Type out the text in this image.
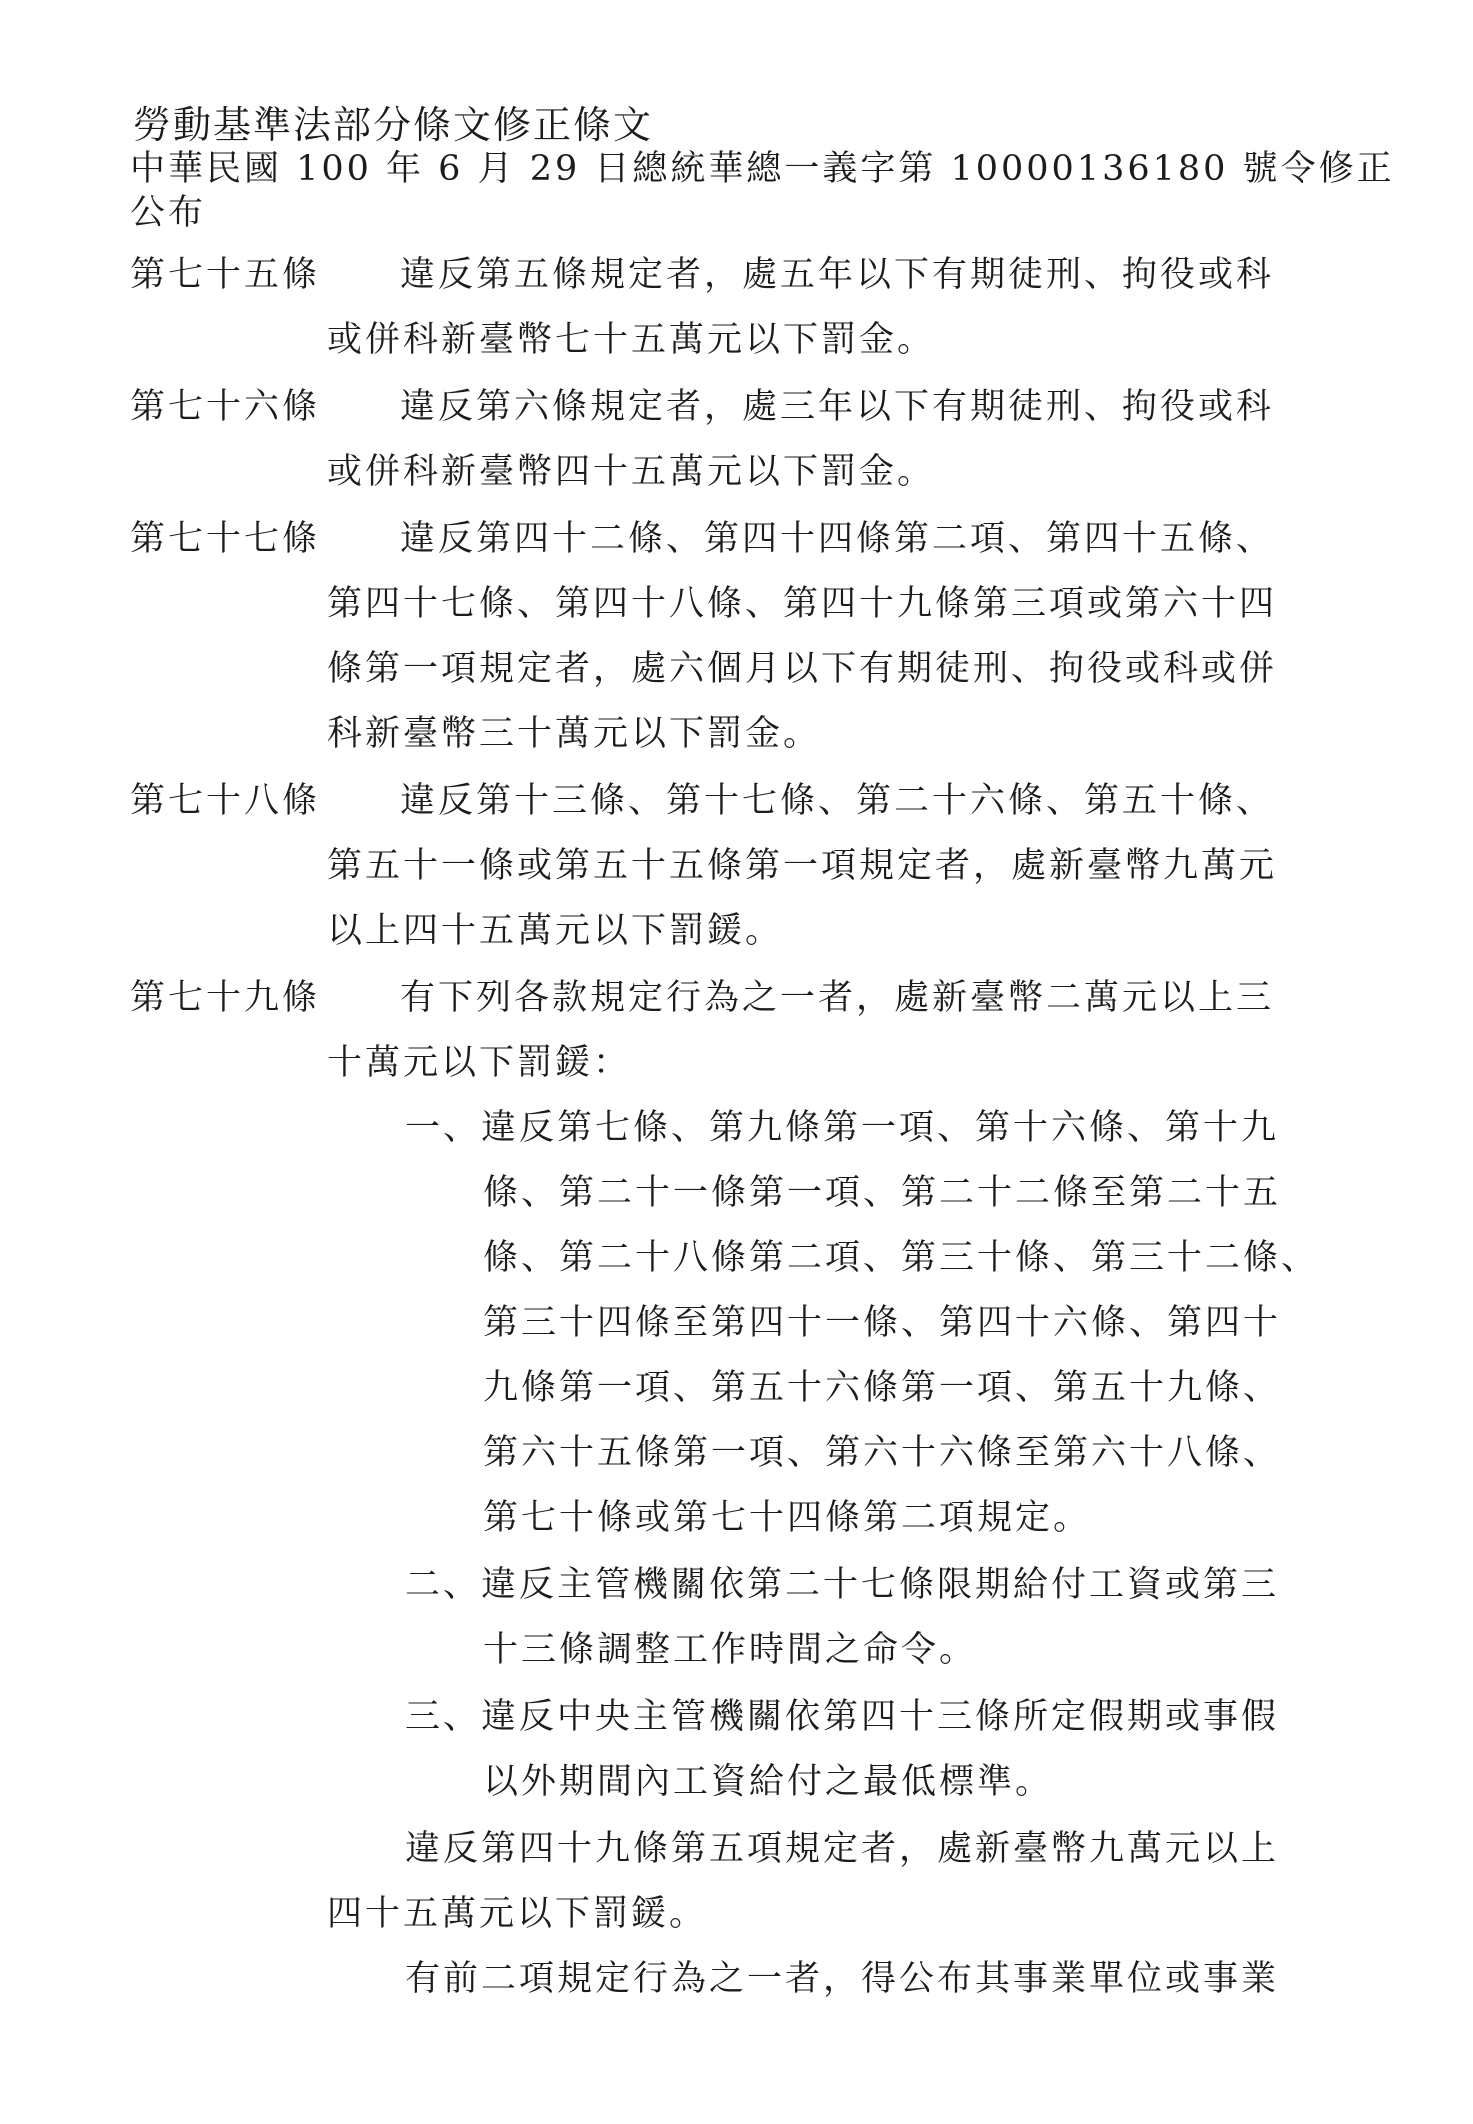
勞動基準法部分條文修正條文
中華民國 100 年 6 月 29 日總統華總一義字第 10000136180 號令修正
公布
第七十五條	違反第五條規定者，處五年以下有期徒刑、拘役或科
或併科新臺幣七十五萬元以下罰金。
第七十六條	違反第六條規定者，處三年以下有期徒刑、拘役或科
或併科新臺幣四十五萬元以下罰金。
第七十七條	違反第四十二條、第四十四條第二項、第四十五條、
第四十七條、第四十八條、第四十九條第三項或第六十四
條第一項規定者，處六個月以下有期徒刑、拘役或科或併
科新臺幣三十萬元以下罰金。
第七十八條	違反第十三條、第十七條、第二十六條、第五十條、
第五十一條或第五十五條第一項規定者，處新臺幣九萬元
以上四十五萬元以下罰鍰。
第七十九條	有下列各款規定行為之一者，處新臺幣二萬元以上三
十萬元以下罰鍰：
一、違反第七條、第九條第一項、第十六條、第十九
條、第二十一條第一項、第二十二條至第二十五
條、第二十八條第二項、第三十條、第三十二條、
第三十四條至第四十一條、第四十六條、第四十
九條第一項、第五十六條第一項、第五十九條、
第六十五條第一項、第六十六條至第六十八條、
第七十條或第七十四條第二項規定。
二、違反主管機關依第二十七條限期給付工資或第三
十三條調整工作時間之命令。
三、違反中央主管機關依第四十三條所定假期或事假
以外期間內工資給付之最低標準。
違反第四十九條第五項規定者，處新臺幣九萬元以上
四十五萬元以下罰鍰。
有前二項規定行為之一者，得公布其事業單位或事業
